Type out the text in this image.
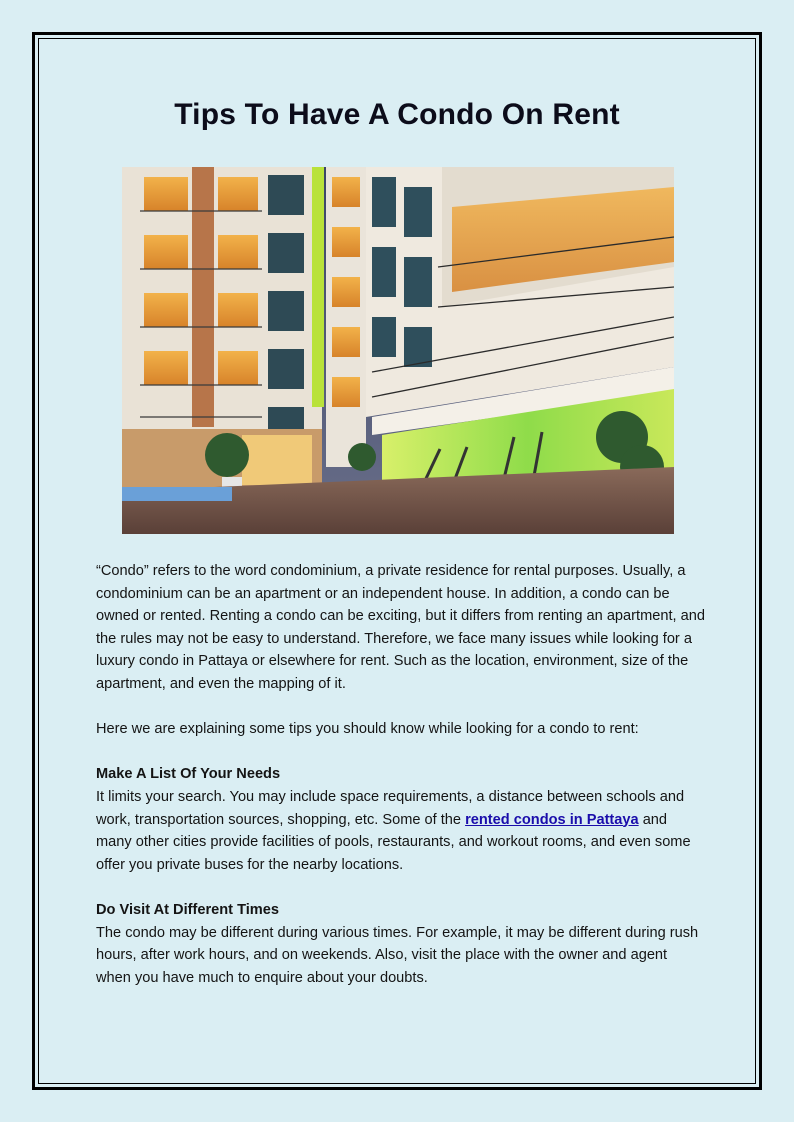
Tips To Have A Condo On Rent

“Condo” refers to the word condominium, a private residence for rental purposes. Usually, a condominium can be an apartment or an independent house. In addition, a condo can be owned or rented. Renting a condo can be exciting, but it differs from renting an apartment, and the rules may not be easy to understand. Therefore, we face many issues while looking for a luxury condo in Pattaya or elsewhere for rent. Such as the location, environment, size of the apartment, and even the mapping of it.

Here we are explaining some tips you should know while looking for a condo to rent:

Make A List Of Your Needs

It limits your search. You may include space requirements, a distance between schools and work, transportation sources, shopping, etc. Some of the rented condos in Pattaya and many other cities provide facilities of pools, restaurants, and workout rooms, and even some offer you private buses for the nearby locations.

Do Visit At Different Times

The condo may be different during various times. For example, it may be different during rush hours, after work hours, and on weekends. Also, visit the place with the owner and agent when you have much to enquire about your doubts.
